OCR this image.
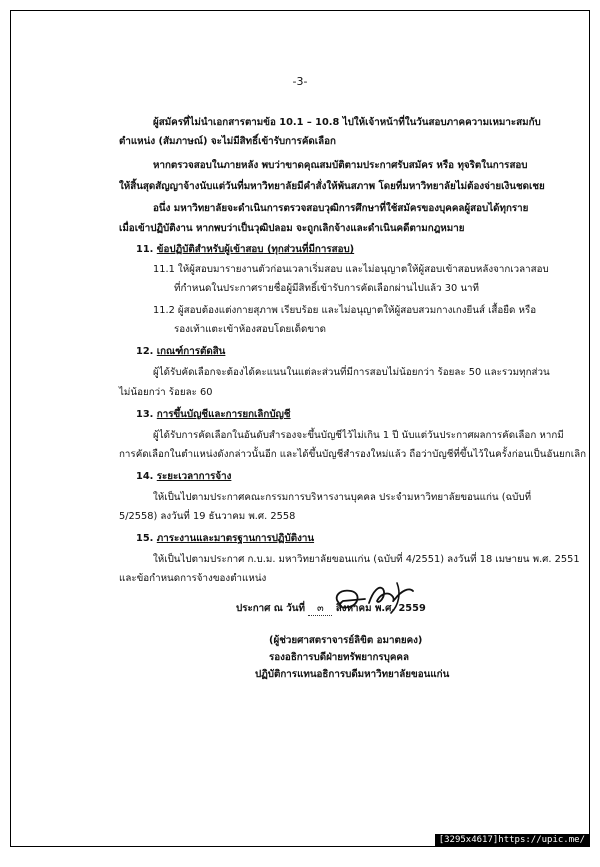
-3-
ผู้สมัครที่ไม่นำเอกสารตามข้อ 10.1 – 10.8 ไปให้เจ้าหน้าที่ในวันสอบภาคความเหมาะสมกับ
ตำแหน่ง (สัมภาษณ์) จะไม่มีสิทธิ์เข้ารับการคัดเลือก
หากตรวจสอบในภายหลัง พบว่าขาดคุณสมบัติตามประกาศรับสมัคร หรือ ทุจริตในการสอบ
ให้สิ้นสุดสัญญาจ้างนับแต่วันที่มหาวิทยาลัยมีคำสั่งให้พ้นสภาพ โดยที่มหาวิทยาลัยไม่ต้องจ่ายเงินชดเชย
อนึ่ง มหาวิทยาลัยจะดำเนินการตรวจสอบวุฒิการศึกษาที่ใช้สมัครของบุคคลผู้สอบได้ทุกราย
เมื่อเข้าปฏิบัติงาน หากพบว่าเป็นวุฒิปลอม จะถูกเลิกจ้างและดำเนินคดีตามกฎหมาย
11. ข้อปฏิบัติสำหรับผู้เข้าสอบ (ทุกส่วนที่มีการสอบ)
11.1 ให้ผู้สอบมารายงานตัวก่อนเวลาเริ่มสอบ และไม่อนุญาตให้ผู้สอบเข้าสอบหลังจากเวลาสอบ
ที่กำหนดในประกาศรายชื่อผู้มีสิทธิ์เข้ารับการคัดเลือกผ่านไปแล้ว 30 นาที
11.2 ผู้สอบต้องแต่งกายสุภาพ เรียบร้อย และไม่อนุญาตให้ผู้สอบสวมกางเกงยีนส์ เสื้อยืด หรือ
รองเท้าแตะเข้าห้องสอบโดยเด็ดขาด
12. เกณฑ์การตัดสิน
ผู้ได้รับคัดเลือกจะต้องได้คะแนนในแต่ละส่วนที่มีการสอบไม่น้อยกว่า ร้อยละ 50 และรวมทุกส่วน
ไม่น้อยกว่า ร้อยละ 60
13. การขึ้นบัญชีและการยกเลิกบัญชี
ผู้ได้รับการคัดเลือกในอันดับสำรองจะขึ้นบัญชีไว้ไม่เกิน 1 ปี นับแต่วันประกาศผลการคัดเลือก หากมี
การคัดเลือกในตำแหน่งดังกล่าวนั้นอีก และได้ขึ้นบัญชีสำรองใหม่แล้ว ถือว่าบัญชีที่ขึ้นไว้ในครั้งก่อนเป็นอันยกเลิก
14. ระยะเวลาการจ้าง
ให้เป็นไปตามประกาศคณะกรรมการบริหารงานบุคคล ประจำมหาวิทยาลัยขอนแก่น (ฉบับที่
5/2558) ลงวันที่ 19 ธันวาคม พ.ศ. 2558
15. ภาระงานและมาตรฐานการปฏิบัติงาน
ให้เป็นไปตามประกาศ ก.บ.ม. มหาวิทยาลัยขอนแก่น (ฉบับที่ 4/2551) ลงวันที่ 18 เมษายน พ.ศ. 2551
และข้อกำหนดการจ้างของตำแหน่ง
ประกาศ ณ วันที่ ๓ สิงหาคม พ.ศ. 2559
(ผู้ช่วยศาสตราจารย์ลิขิต อมาตยคง)
รองอธิการบดีฝ่ายทรัพยากรบุคคล
ปฏิบัติการแทนอธิการบดีมหาวิทยาลัยขอนแก่น
[3295x4617]https://upic.me/
